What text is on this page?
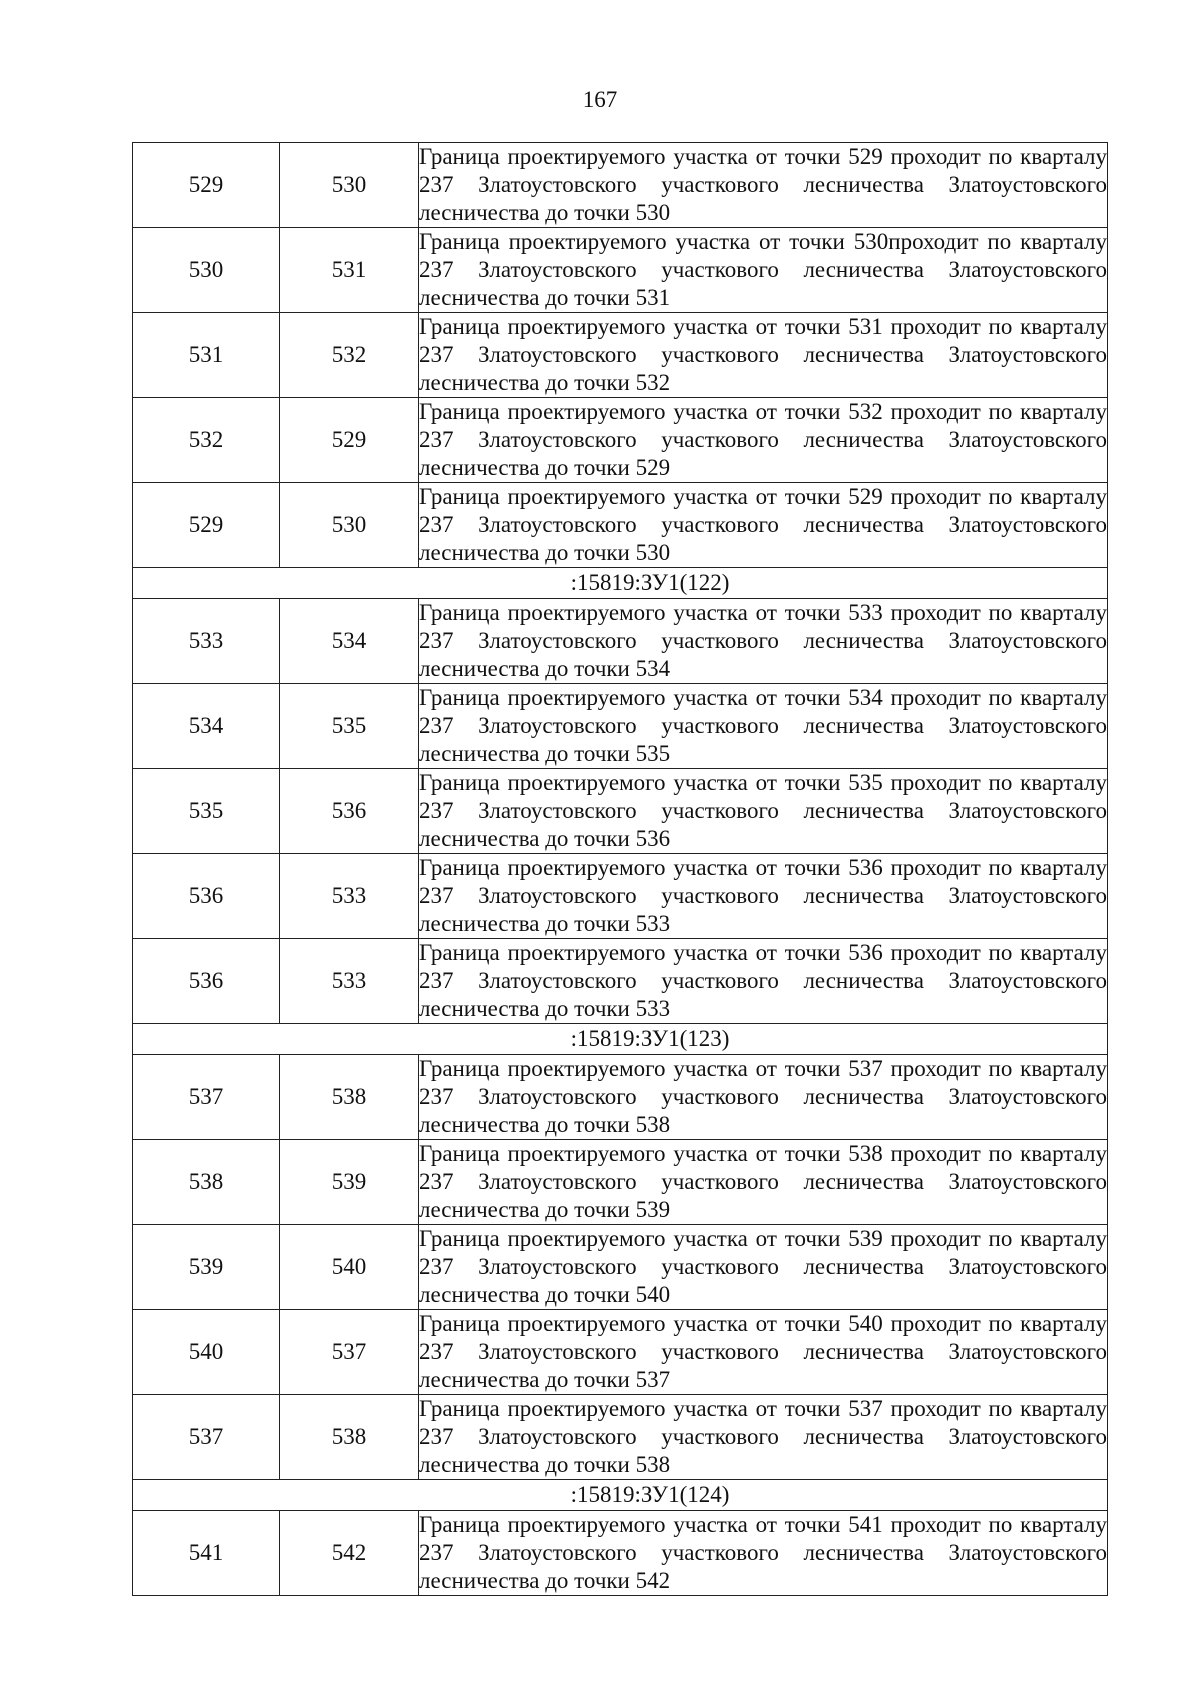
167
529	530	Граница проектируемого участка от точки 529 проходит по кварталу 237 Златоустовского участкового лесничества Златоустовского лесничества до точки 530
530	531	Граница проектируемого участка от точки 530проходит по кварталу 237 Златоустовского участкового лесничества Златоустовского лесничества до точки 531
531	532	Граница проектируемого участка от точки 531 проходит по кварталу 237 Златоустовского участкового лесничества Златоустовского лесничества до точки 532
532	529	Граница проектируемого участка от точки 532 проходит по кварталу 237 Златоустовского участкового лесничества Златоустовского лесничества до точки 529
529	530	Граница проектируемого участка от точки 529 проходит по кварталу 237 Златоустовского участкового лесничества Златоустовского лесничества до точки 530
:15819:ЗУ1(122)		
533	534	Граница проектируемого участка от точки 533 проходит по кварталу 237 Златоустовского участкового лесничества Златоустовского лесничества до точки 534
534	535	Граница проектируемого участка от точки 534 проходит по кварталу 237 Златоустовского участкового лесничества Златоустовского лесничества до точки 535
535	536	Граница проектируемого участка от точки 535 проходит по кварталу 237 Златоустовского участкового лесничества Златоустовского лесничества до точки 536
536	533	Граница проектируемого участка от точки 536 проходит по кварталу 237 Златоустовского участкового лесничества Златоустовского лесничества до точки 533
536	533	Граница проектируемого участка от точки 536 проходит по кварталу 237 Златоустовского участкового лесничества Златоустовского лесничества до точки 533
:15819:ЗУ1(123)		
537	538	Граница проектируемого участка от точки 537 проходит по кварталу 237 Златоустовского участкового лесничества Златоустовского лесничества до точки 538
538	539	Граница проектируемого участка от точки 538 проходит по кварталу 237 Златоустовского участкового лесничества Златоустовского лесничества до точки 539
539	540	Граница проектируемого участка от точки 539 проходит по кварталу 237 Златоустовского участкового лесничества Златоустовского лесничества до точки 540
540	537	Граница проектируемого участка от точки 540 проходит по кварталу 237 Златоустовского участкового лесничества Златоустовского лесничества до точки 537
537	538	Граница проектируемого участка от точки 537 проходит по кварталу 237 Златоустовского участкового лесничества Златоустовского лесничества до точки 538
:15819:ЗУ1(124)		
541	542	Граница проектируемого участка от точки 541 проходит по кварталу 237 Златоустовского участкового лесничества Златоустовского лесничества до точки 542
